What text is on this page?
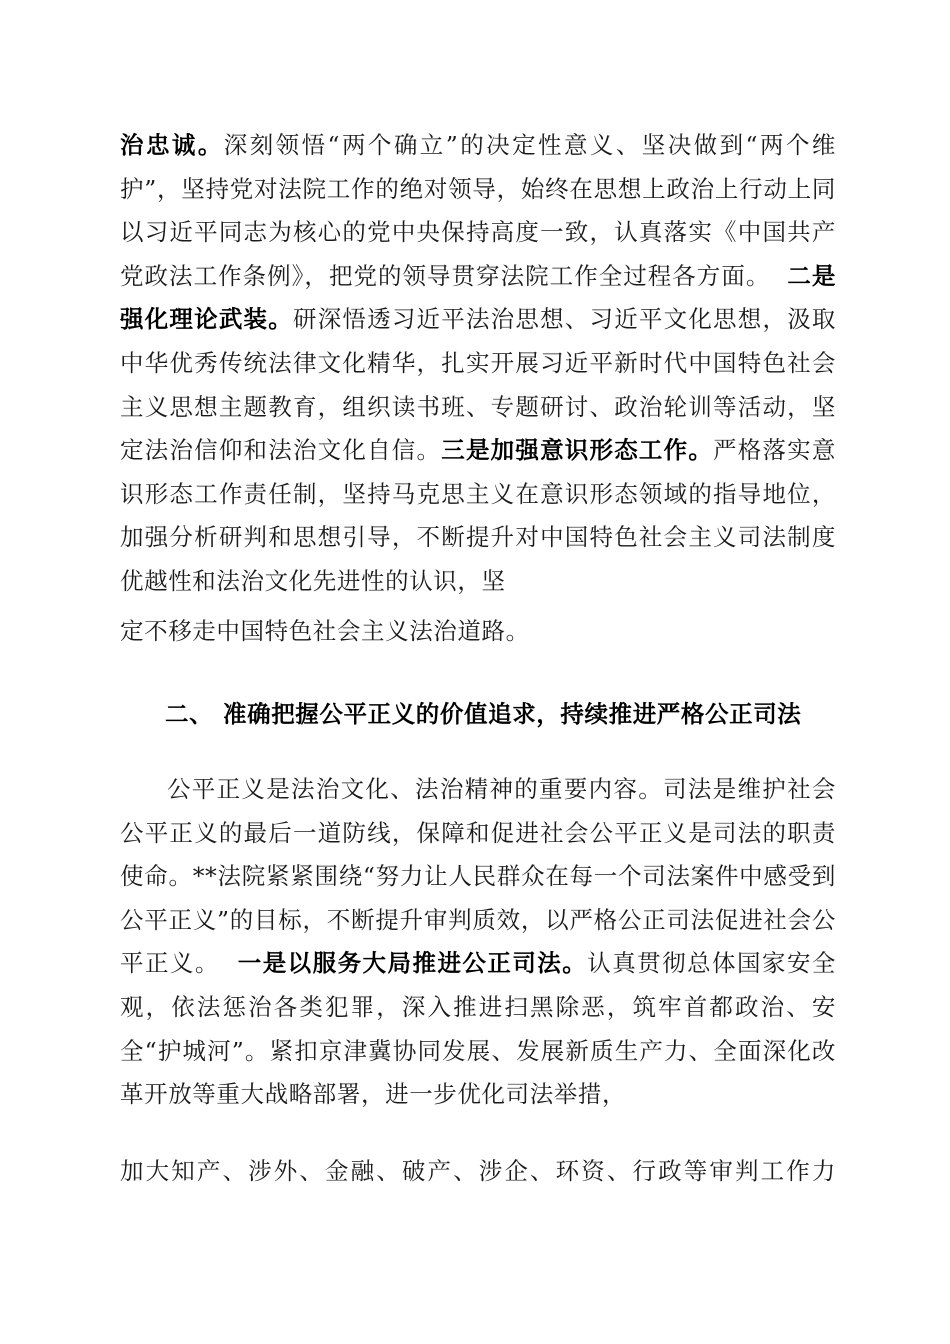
治忠诚。深刻领悟“两个确立”的决定性意义、坚决做到“两个维护”，坚持党对法院工作的绝对领导，始终在思想上政治上行动上同以习近平同志为核心的党中央保持高度一致，认真落实《中国共产党政法工作条例》，把党的领导贯穿法院工作全过程各方面。 二是强化理论武装。研深悟透习近平法治思想、习近平文化思想，汲取中华优秀传统法律文化精华，扎实开展习近平新时代中国特色社会主义思想主题教育，组织读书班、专题研讨、政治轮训等活动，坚定法治信仰和法治文化自信。三是加强意识形态工作。严格落实意识形态工作责任制，坚持马克思主义在意识形态领域的指导地位，加强分析研判和思想引导，不断提升对中国特色社会主义司法制度优越性和法治文化先进性的认识，坚

定不移走中国特色社会主义法治道路。

二、 准确把握公平正义的价值追求，持续推进严格公正司法

公平正义是法治文化、法治精神的重要内容。司法是维护社会公平正义的最后一道防线，保障和促进社会公平正义是司法的职责使命。**法院紧紧围绕“努力让人民群众在每一个司法案件中感受到公平正义”的目标，不断提升审判质效，以严格公正司法促进社会公平正义。 一是以服务大局推进公正司法。认真贯彻总体国家安全观，依法惩治各类犯罪，深入推进扫黑除恶，筑牢首都政治、安全“护城河”。紧扣京津冀协同发展、发展新质生产力、全面深化改革开放等重大战略部署，进一步优化司法举措，

加大知产、涉外、金融、破产、涉企、环资、行政等审判工作力
